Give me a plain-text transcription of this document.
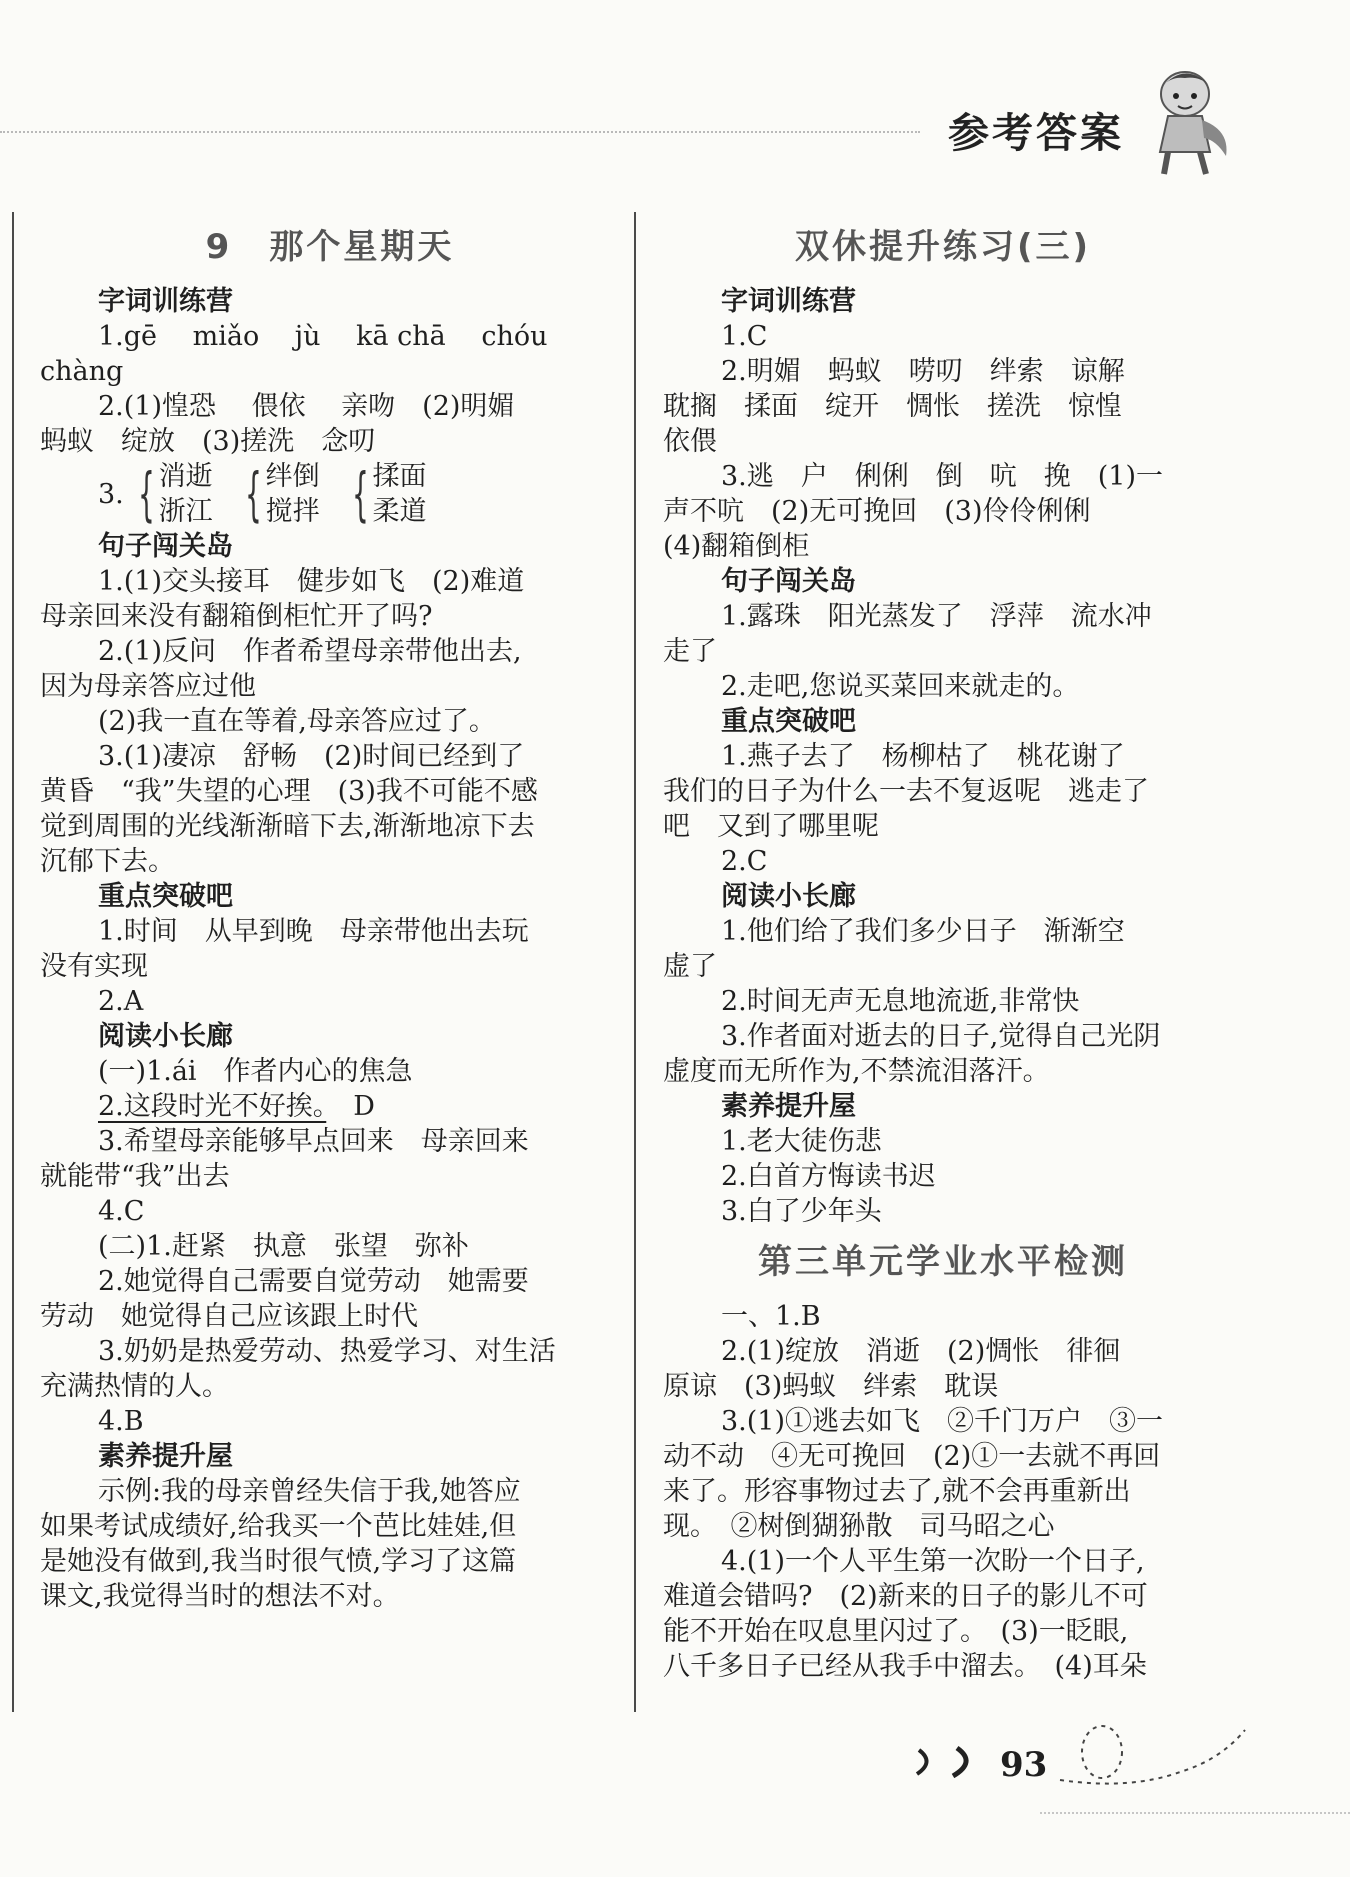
参考答案

9　那个星期天

字词训练营

1.gē　 miǎo　 jù　 kā chā　 chóu

chàng

2.(1)惶恐　 偎依　 亲吻　(2)明媚

蚂蚁　绽放　(3)搓洗　念叨

3. { 消逝
浙江 { 绊倒
搅拌 { 揉面
柔道

句子闯关岛

1.(1)交头接耳　健步如飞　(2)难道

母亲回来没有翻箱倒柜忙开了吗?

2.(1)反问　作者希望母亲带他出去,

因为母亲答应过他

(2)我一直在等着,母亲答应过了。

3.(1)凄凉　舒畅　(2)时间已经到了

黄昏　“我”失望的心理　(3)我不可能不感

觉到周围的光线渐渐暗下去,渐渐地凉下去

沉郁下去。

重点突破吧

1.时间　从早到晚　母亲带他出去玩

没有实现

2.A

阅读小长廊

(一)1.ái　作者内心的焦急

2.这段时光不好挨。　D

3.希望母亲能够早点回来　母亲回来

就能带“我”出去

4.C

(二)1.赶紧　执意　张望　弥补

2.她觉得自己需要自觉劳动　她需要

劳动　她觉得自己应该跟上时代

3.奶奶是热爱劳动、热爱学习、对生活

充满热情的人。

4.B

素养提升屋

示例:我的母亲曾经失信于我,她答应

如果考试成绩好,给我买一个芭比娃娃,但

是她没有做到,我当时很气愤,学习了这篇

课文,我觉得当时的想法不对。

双休提升练习(三)

字词训练营

1.C

2.明媚　蚂蚁　唠叨　绊索　谅解

耽搁　揉面　绽开　惆怅　搓洗　惊惶

依偎

3.逃　户　俐俐　倒　吭　挽　(1)一

声不吭　(2)无可挽回　(3)伶伶俐俐

(4)翻箱倒柜

句子闯关岛

1.露珠　阳光蒸发了　浮萍　流水冲

走了

2.走吧,您说买菜回来就走的。

重点突破吧

1.燕子去了　杨柳枯了　桃花谢了

我们的日子为什么一去不复返呢　逃走了

吧　又到了哪里呢

2.C

阅读小长廊

1.他们给了我们多少日子　渐渐空

虚了

2.时间无声无息地流逝,非常快

3.作者面对逝去的日子,觉得自己光阴

虚度而无所作为,不禁流泪落汗。

素养提升屋

1.老大徒伤悲

2.白首方悔读书迟

3.白了少年头

第三单元学业水平检测

一、1.B

2.(1)绽放　消逝　(2)惆怅　徘徊

原谅　(3)蚂蚁　绊索　耽误

3.(1)①逃去如飞　②千门万户　③一

动不动　④无可挽回　(2)①一去就不再回

来了。形容事物过去了,就不会再重新出

现。　②树倒猢狲散　司马昭之心

4.(1)一个人平生第一次盼一个日子,

难道会错吗?　(2)新来的日子的影儿不可

能不开始在叹息里闪过了。　(3)一眨眼,

八千多日子已经从我手中溜去。　(4)耳朵

93
